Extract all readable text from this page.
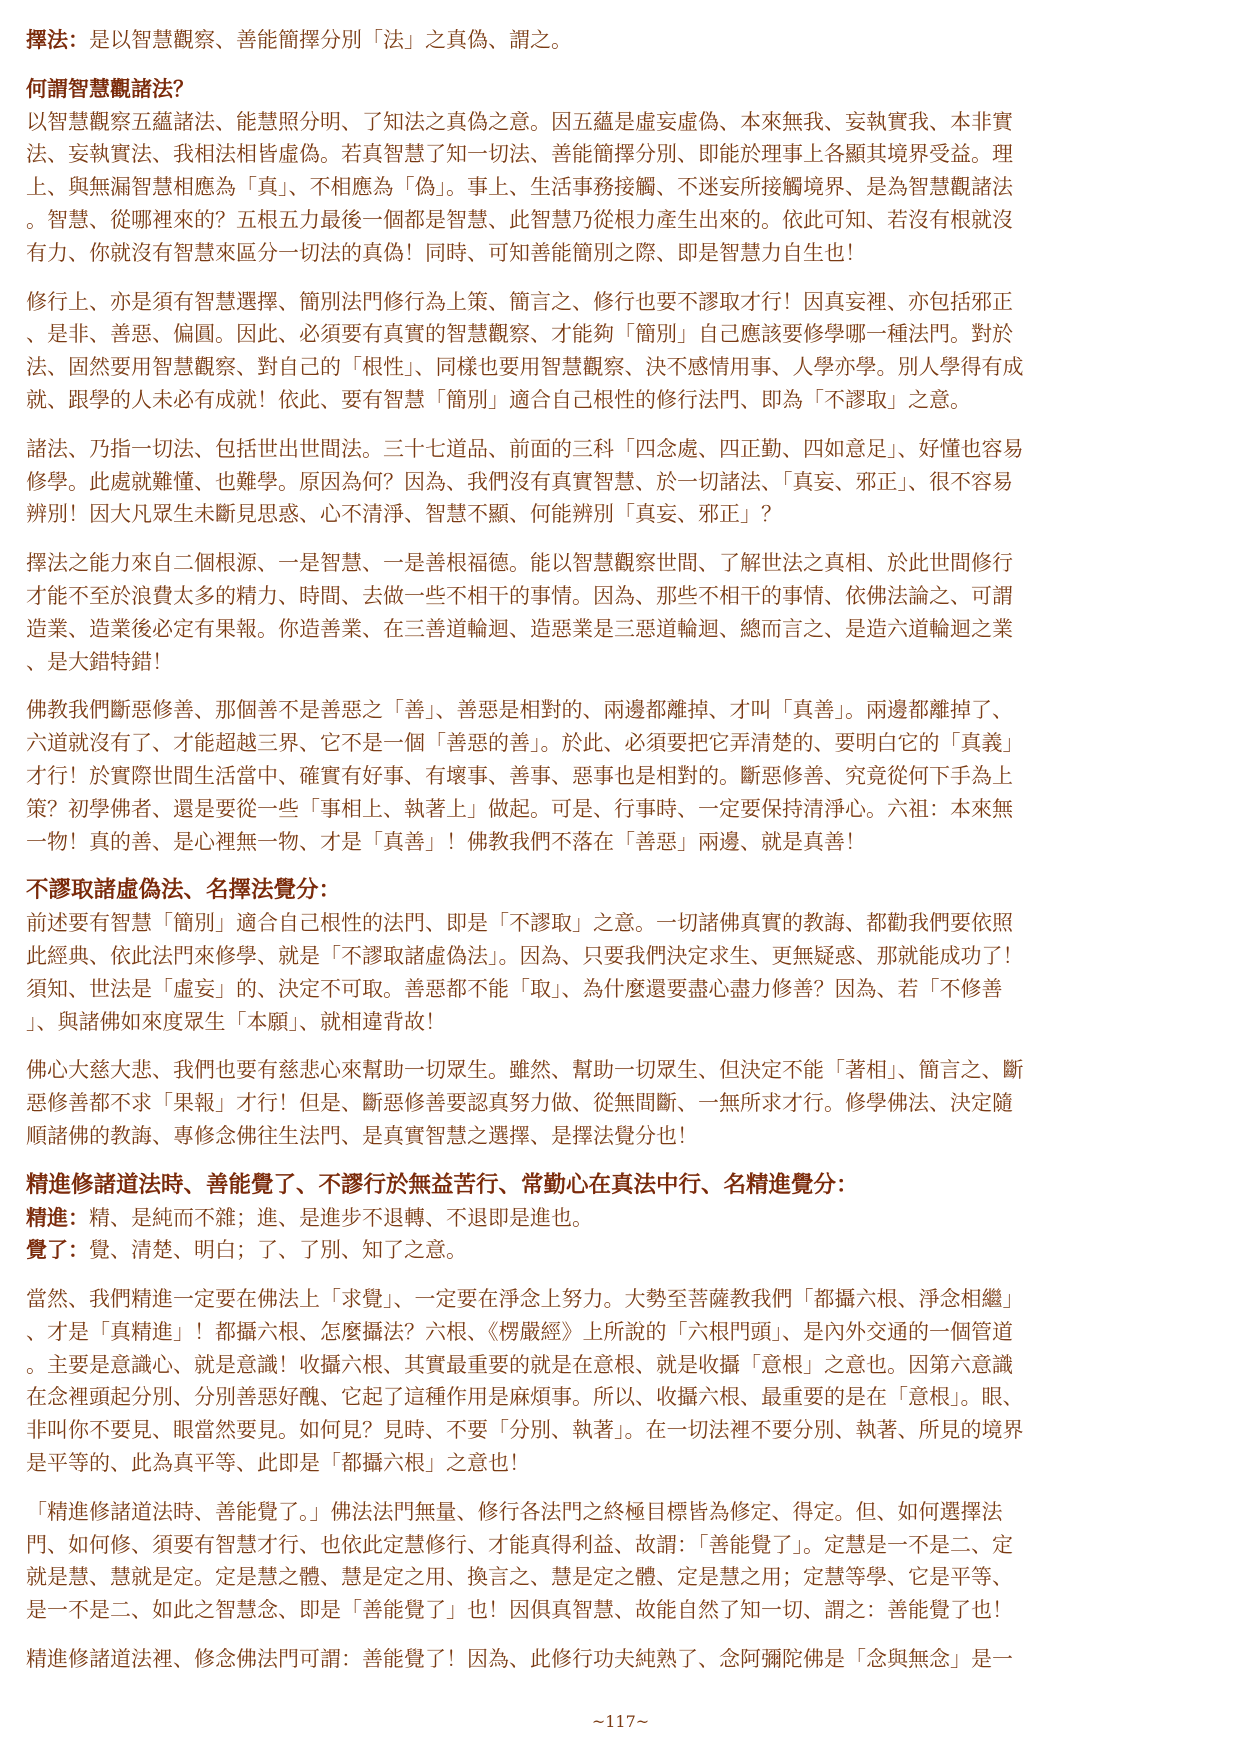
擇法：是以智慧觀察、善能簡擇分別「法」之真偽、謂之。

何謂智慧觀諸法？

以智慧觀察五蘊諸法、能慧照分明、了知法之真偽之意。因五蘊是虛妄虛偽、本來無我、妄執實我、本非實

法、妄執實法、我相法相皆虛偽。若真智慧了知一切法、善能簡擇分別、即能於理事上各顯其境界受益。理

上、與無漏智慧相應為「真」、不相應為「偽」。事上、生活事務接觸、不迷妄所接觸境界、是為智慧觀諸法

。智慧、從哪裡來的？五根五力最後一個都是智慧、此智慧乃從根力產生出來的。依此可知、若沒有根就沒

有力、你就沒有智慧來區分一切法的真偽！同時、可知善能簡別之際、即是智慧力自生也！

修行上、亦是須有智慧選擇、簡別法門修行為上策、簡言之、修行也要不謬取才行！因真妄裡、亦包括邪正

、是非、善惡、偏圓。因此、必須要有真實的智慧觀察、才能夠「簡別」自己應該要修學哪一種法門。對於

法、固然要用智慧觀察、對自己的「根性」、同樣也要用智慧觀察、決不感情用事、人學亦學。別人學得有成

就、跟學的人未必有成就！依此、要有智慧「簡別」適合自己根性的修行法門、即為「不謬取」之意。

諸法、乃指一切法、包括世出世間法。三十七道品、前面的三科「四念處、四正勤、四如意足」、好懂也容易

修學。此處就難懂、也難學。原因為何？因為、我們沒有真實智慧、於一切諸法、「真妄、邪正」、很不容易

辨別！因大凡眾生未斷見思惑、心不清淨、智慧不顯、何能辨別「真妄、邪正」？

擇法之能力來自二個根源、一是智慧、一是善根福德。能以智慧觀察世間、了解世法之真相、於此世間修行

才能不至於浪費太多的精力、時間、去做一些不相干的事情。因為、那些不相干的事情、依佛法論之、可謂

造業、造業後必定有果報。你造善業、在三善道輪迴、造惡業是三惡道輪迴、總而言之、是造六道輪迴之業

、是大錯特錯！

佛教我們斷惡修善、那個善不是善惡之「善」、善惡是相對的、兩邊都離掉、才叫「真善」。兩邊都離掉了、

六道就沒有了、才能超越三界、它不是一個「善惡的善」。於此、必須要把它弄清楚的、要明白它的「真義」

才行！於實際世間生活當中、確實有好事、有壞事、善事、惡事也是相對的。斷惡修善、究竟從何下手為上

策？初學佛者、還是要從一些「事相上、執著上」做起。可是、行事時、一定要保持清淨心。六祖：本來無

一物！真的善、是心裡無一物、才是「真善」！佛教我們不落在「善惡」兩邊、就是真善！

不謬取諸虛偽法、名擇法覺分：

前述要有智慧「簡別」適合自己根性的法門、即是「不謬取」之意。一切諸佛真實的教誨、都勸我們要依照

此經典、依此法門來修學、就是「不謬取諸虛偽法」。因為、只要我們決定求生、更無疑惑、那就能成功了！

須知、世法是「虛妄」的、決定不可取。善惡都不能「取」、為什麼還要盡心盡力修善？因為、若「不修善

」、與諸佛如來度眾生「本願」、就相違背故！

佛心大慈大悲、我們也要有慈悲心來幫助一切眾生。雖然、幫助一切眾生、但決定不能「著相」、簡言之、斷

惡修善都不求「果報」才行！但是、斷惡修善要認真努力做、從無間斷、一無所求才行。修學佛法、決定隨

順諸佛的教誨、專修念佛往生法門、是真實智慧之選擇、是擇法覺分也！

精進修諸道法時、善能覺了、不謬行於無益苦行、常勤心在真法中行、名精進覺分：

精進：精、是純而不雜；進、是進步不退轉、不退即是進也。

覺了：覺、清楚、明白；了、了別、知了之意。

當然、我們精進一定要在佛法上「求覺」、一定要在淨念上努力。大勢至菩薩教我們「都攝六根、淨念相繼」

、才是「真精進」！都攝六根、怎麼攝法？六根、《楞嚴經》上所說的「六根門頭」、是內外交通的一個管道

。主要是意識心、就是意識！收攝六根、其實最重要的就是在意根、就是收攝「意根」之意也。因第六意識

在念裡頭起分別、分別善惡好醜、它起了這種作用是麻煩事。所以、收攝六根、最重要的是在「意根」。眼、

非叫你不要見、眼當然要見。如何見？見時、不要「分別、執著」。在一切法裡不要分別、執著、所見的境界

是平等的、此為真平等、此即是「都攝六根」之意也！

「精進修諸道法時、善能覺了。」佛法法門無量、修行各法門之終極目標皆為修定、得定。但、如何選擇法

門、如何修、須要有智慧才行、也依此定慧修行、才能真得利益、故謂：「善能覺了」。定慧是一不是二、定

就是慧、慧就是定。定是慧之體、慧是定之用、換言之、慧是定之體、定是慧之用；定慧等學、它是平等、

是一不是二、如此之智慧念、即是「善能覺了」也！因俱真智慧、故能自然了知一切、謂之：善能覺了也！

精進修諸道法裡、修念佛法門可謂：善能覺了！因為、此修行功夫純熟了、念阿彌陀佛是「念與無念」是一

~117~
